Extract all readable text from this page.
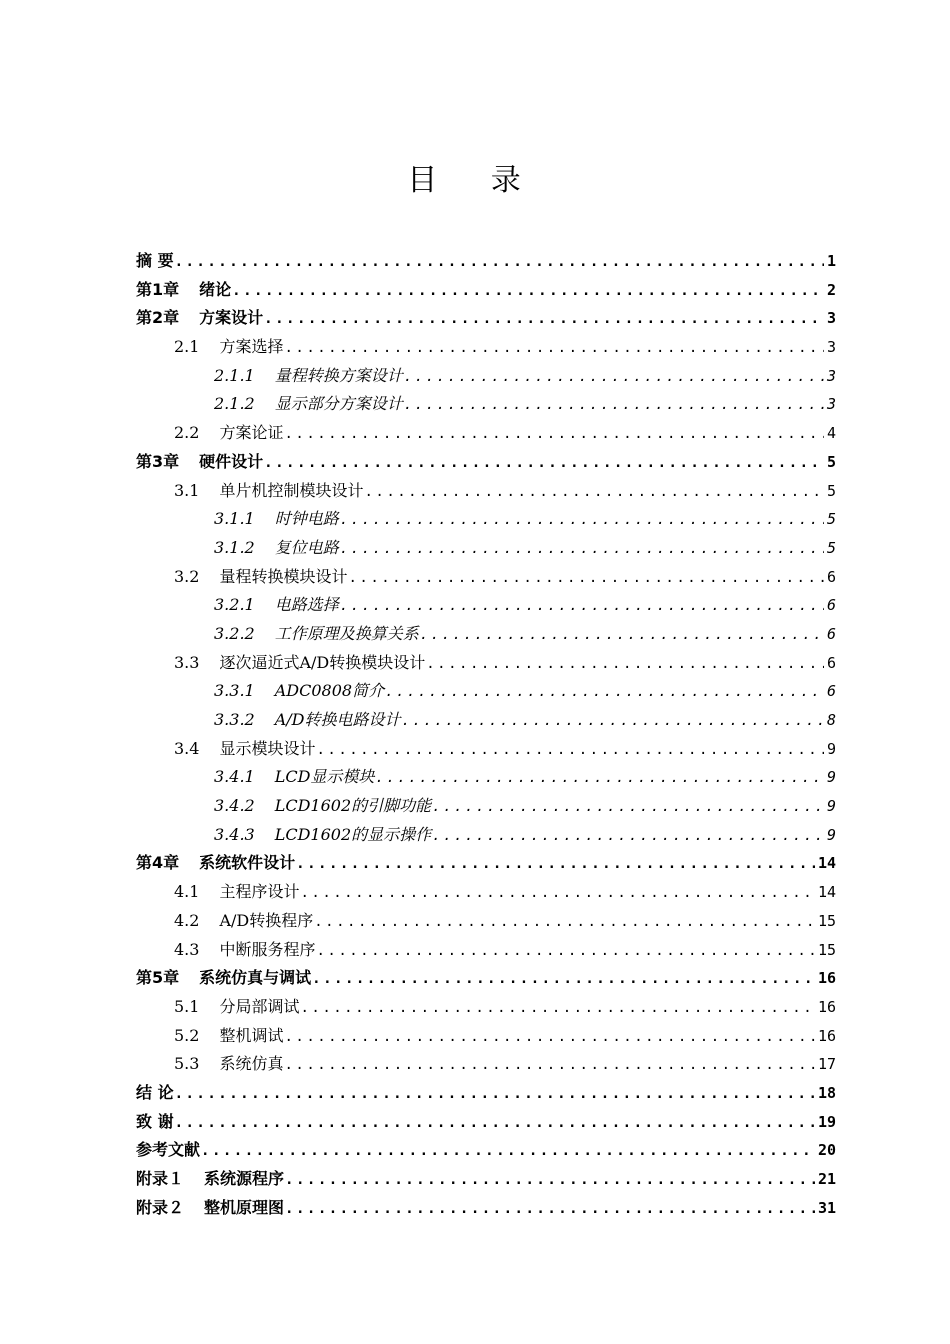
目 录
摘 要 .....	1
第1章 绪论 .....	2
第2章 方案设计 .....	3
2.1 方案选择 .....	3
2.1.1 量程转换方案设计 .....	3
2.1.2 显示部分方案设计 .....	3
2.2 方案论证 .....	4
第3章 硬件设计 .....	5
3.1 单片机控制模块设计 .....	5
3.1.1 时钟电路 .....	5
3.1.2 复位电路 .....	5
3.2 量程转换模块设计 .....	6
3.2.1 电路选择 .....	6
3.2.2 工作原理及换算关系 .....	6
3.3 逐次逼近式A/D转换模块设计 .....	6
3.3.1 ADC0808简介 .....	6
3.3.2 A/D转换电路设计 .....	8
3.4 显示模块设计 .....	9
3.4.1 LCD显示模块 .....	9
3.4.2 LCD1602的引脚功能 .....	9
3.4.3 LCD1602的显示操作 .....	9
第4章 系统软件设计 .....	14
4.1 主程序设计 .....	14
4.2 A/D转换程序 .....	15
4.3 中断服务程序 .....	15
第5章 系统仿真与调试 .....	16
5.1 分局部调试 .....	16
5.2 整机调试 .....	16
5.3 系统仿真 .....	17
结 论 .....	18
致 谢 .....	19
参考文献 .....	20
附录１ 系统源程序 .....	21
附录２ 整机原理图 .....	31
